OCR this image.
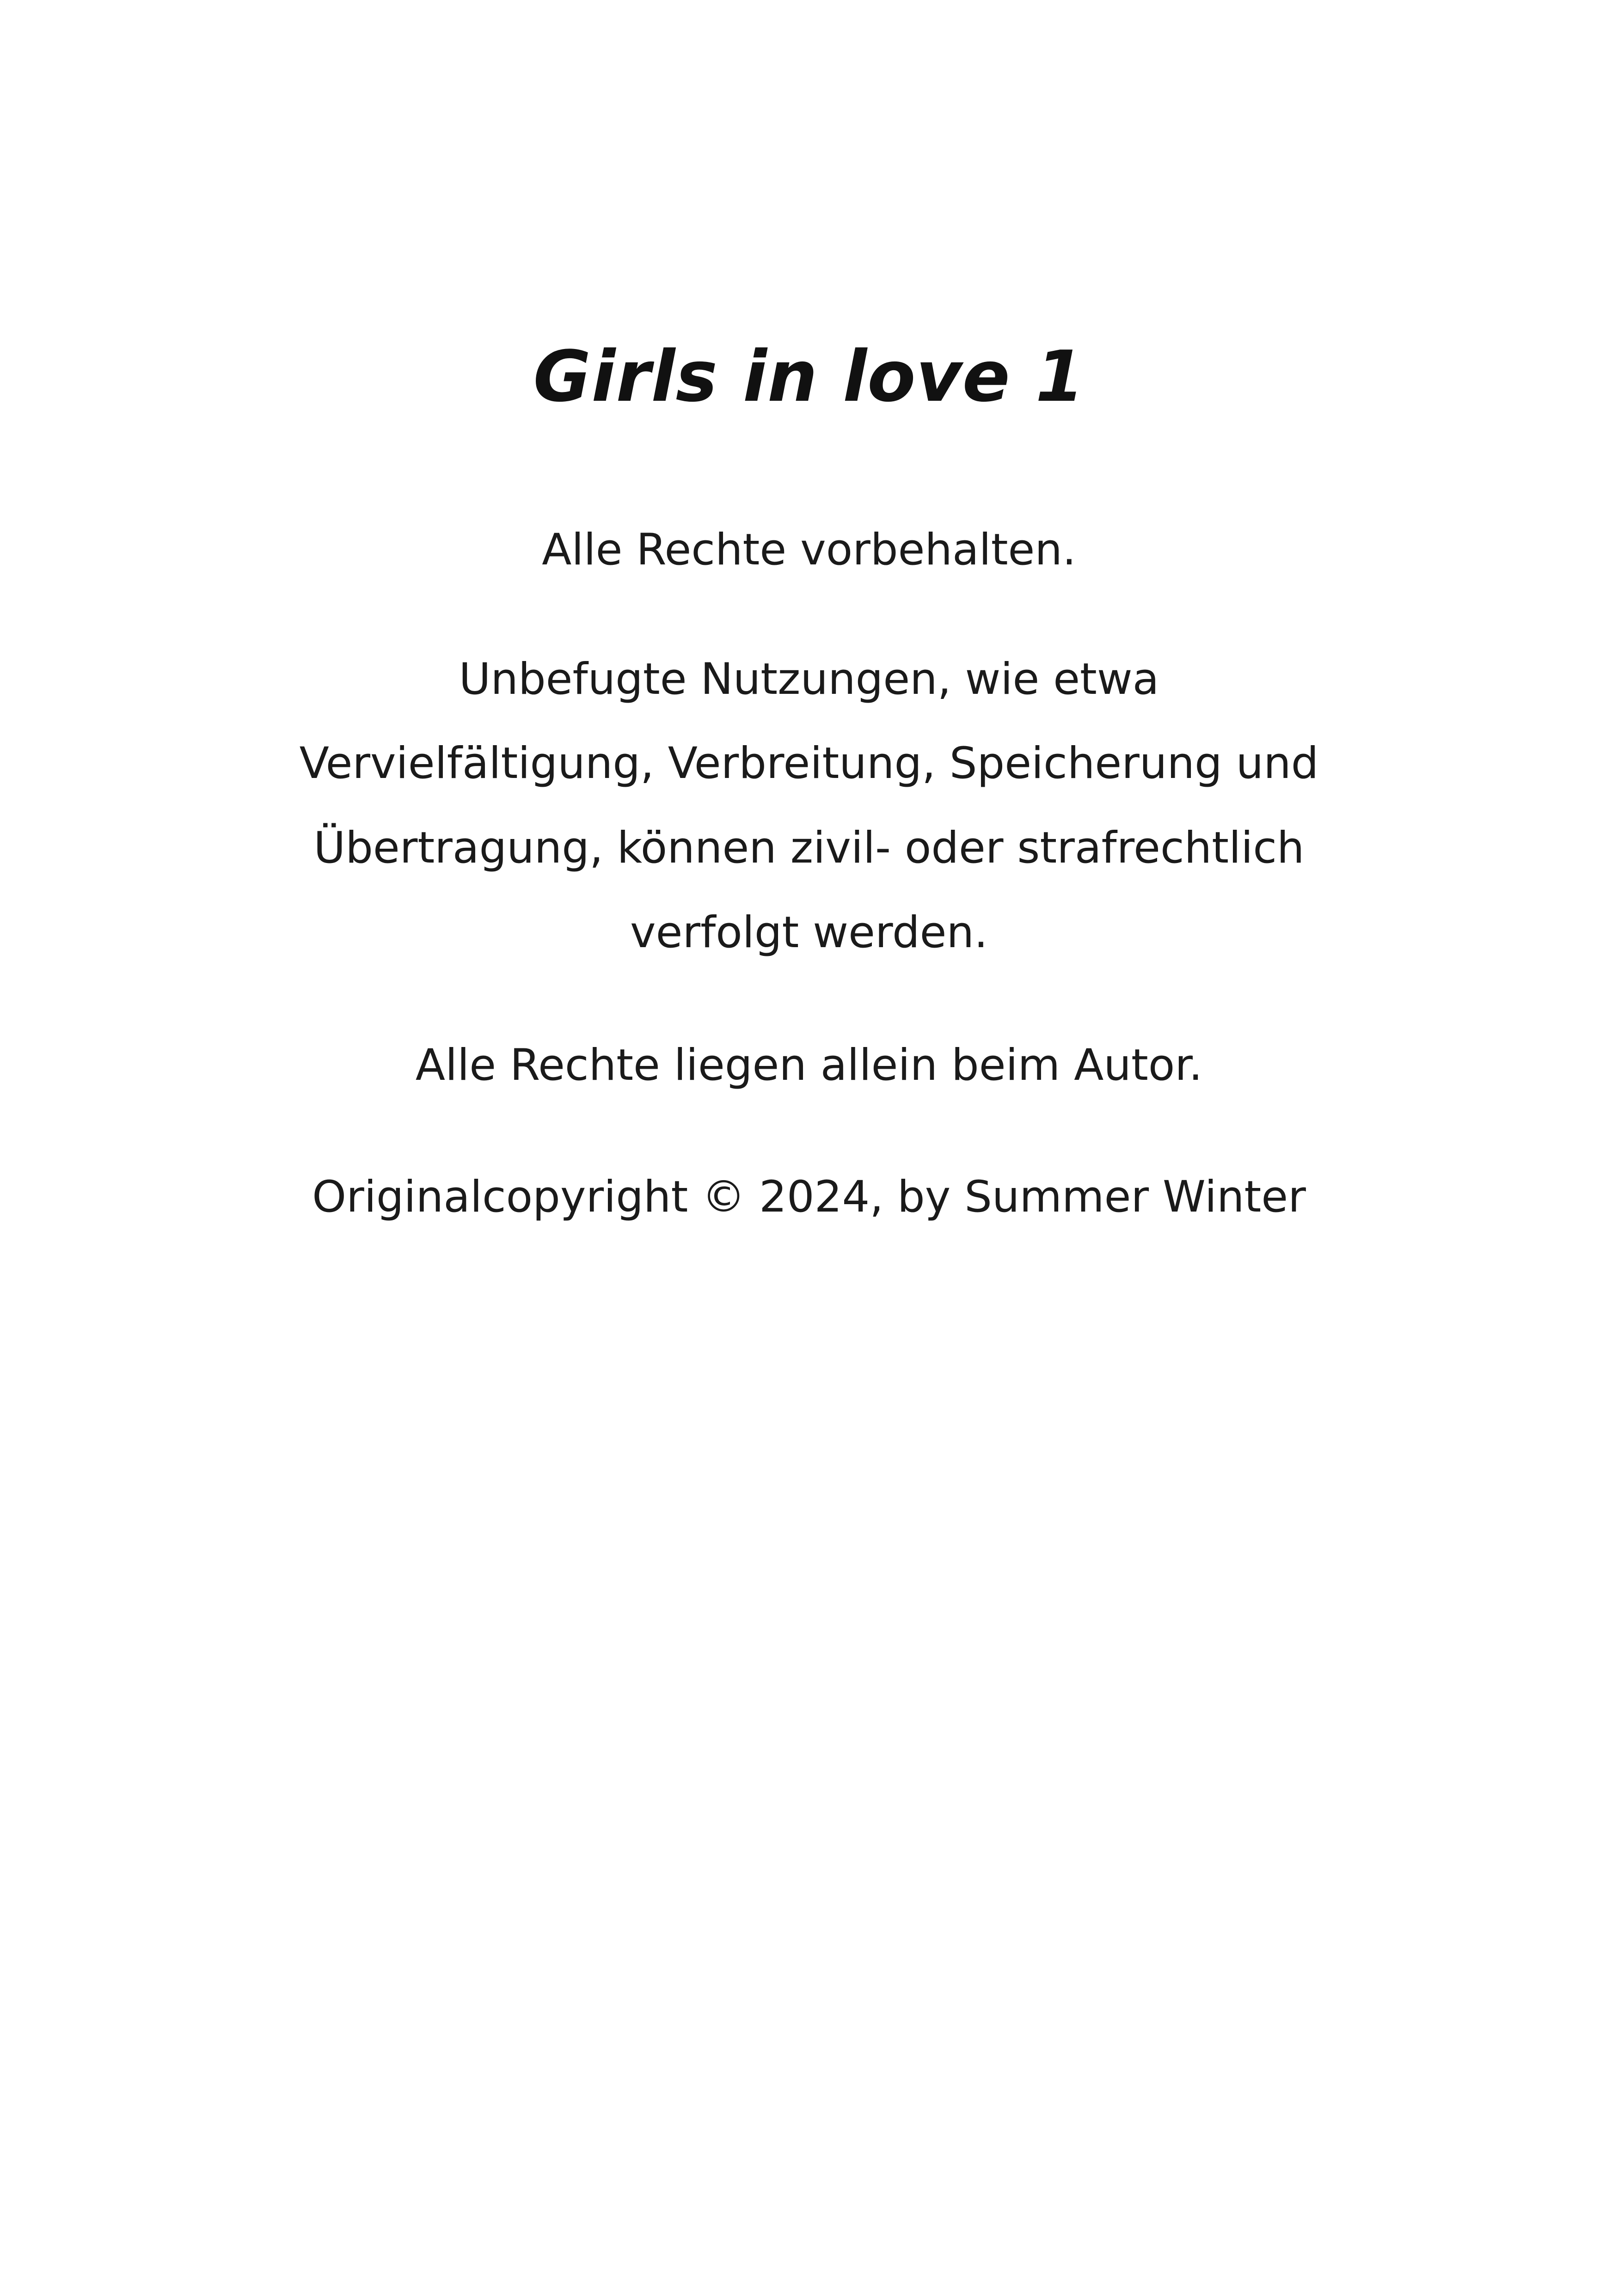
Girls in love 1

Alle Rechte vorbehalten.

Unbefugte Nutzungen, wie etwa

Vervielfältigung, Verbreitung, Speicherung und

Übertragung, können zivil- oder strafrechtlich

verfolgt werden.

Alle Rechte liegen allein beim Autor.

Originalcopyright © 2024, by Summer Winter
